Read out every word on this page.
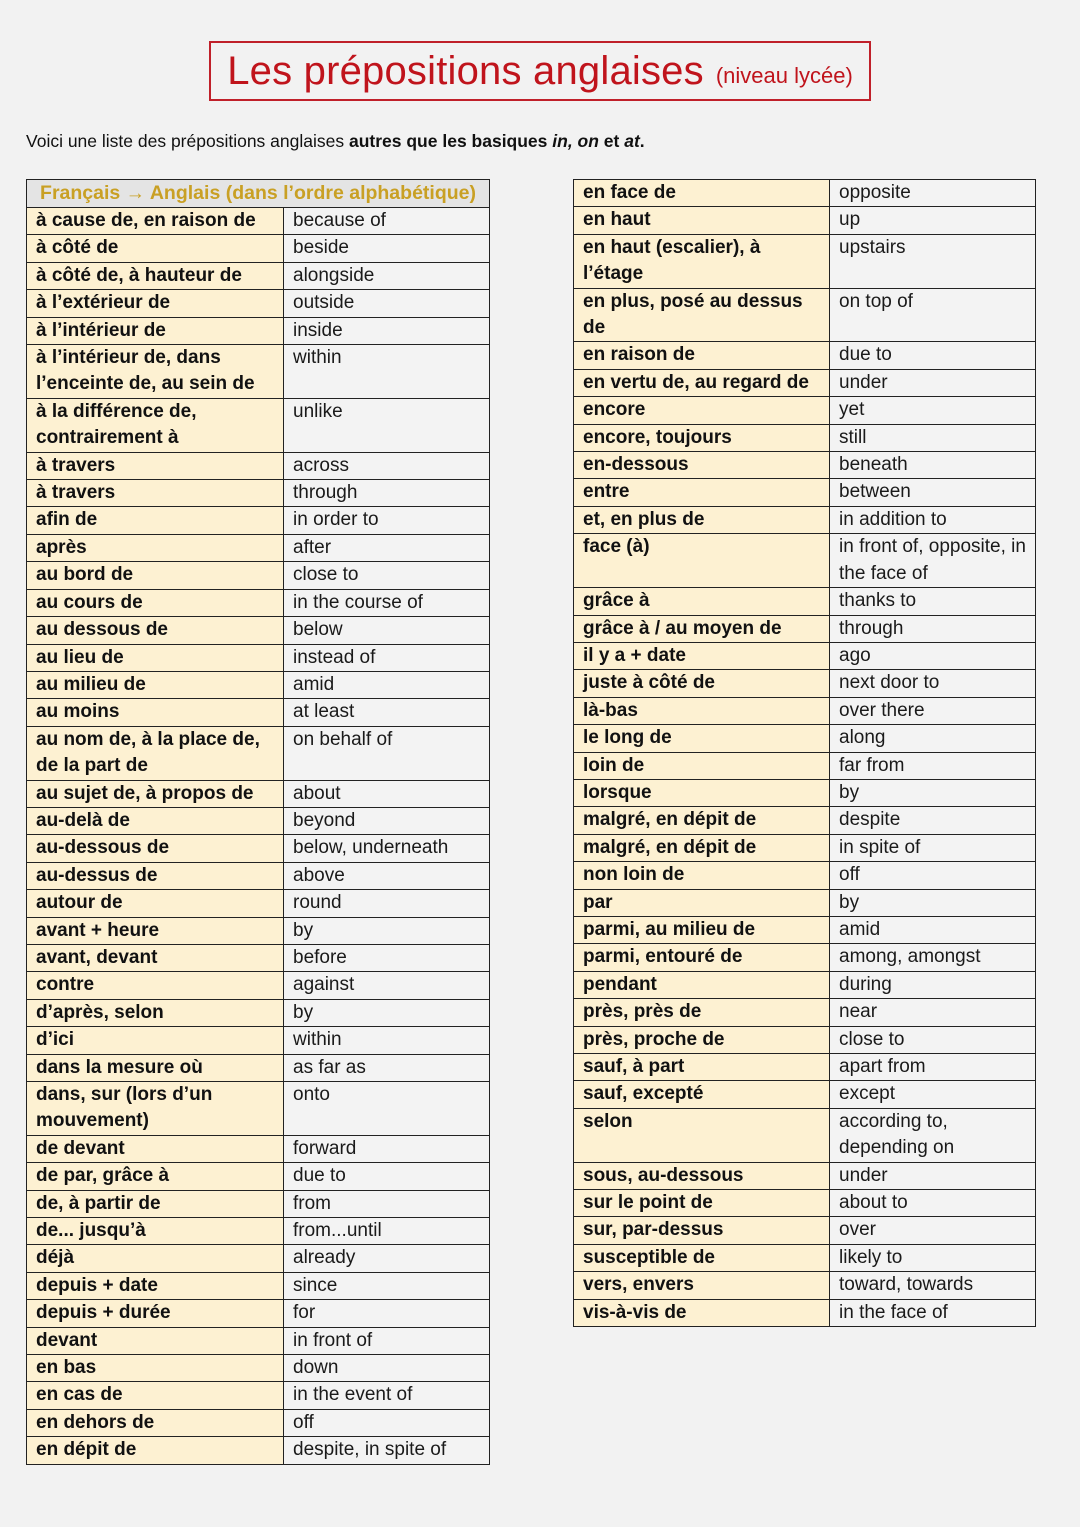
Les prépositions anglaises (niveau lycée)
Voici une liste des prépositions anglaises autres que les basiques in, on et at.
Français → Anglais (dans l’ordre alphabétique)	
à cause de, en raison de	because of
à côté de	beside
à côté de, à hauteur de	alongside
à l’extérieur de	outside
à l’intérieur de	inside
à l’intérieur de, dans l’enceinte de, au sein de	within
à la différence de, contrairement à	unlike
à travers	across
à travers	through
afin de	in order to
après	after
au bord de	close to
au cours de	in the course of
au dessous de	below
au lieu de	instead of
au milieu de	amid
au moins	at least
au nom de, à la place de, de la part de	on behalf of
au sujet de, à propos de	about
au-delà de	beyond
au-dessous de	below, underneath
au-dessus de	above
autour de	round
avant + heure	by
avant, devant	before
contre	against
d’après, selon	by
d’ici	within
dans la mesure où	as far as
dans, sur (lors d’un mouvement)	onto
de devant	forward
de par, grâce à	due to
de, à partir de	from
de... jusqu’à	from...until
déjà	already
depuis + date	since
depuis + durée	for
devant	in front of
en bas	down
en cas de	in the event of
en dehors de	off
en dépit de	despite, in spite of
en face de	opposite
en haut	up
en haut (escalier), à l’étage	upstairs
en plus, posé au dessus de	on top of
en raison de	due to
en vertu de, au regard de	under
encore	yet
encore, toujours	still
en-dessous	beneath
entre	between
et, en plus de	in addition to
face (à)	in front of, opposite, in the face of
grâce à	thanks to
grâce à / au moyen de	through
il y a + date	ago
juste à côté de	next door to
là-bas	over there
le long de	along
loin de	far from
lorsque	by
malgré, en dépit de	despite
malgré, en dépit de	in spite of
non loin de	off
par	by
parmi, au milieu de	amid
parmi, entouré de	among, amongst
pendant	during
près, près de	near
près, proche de	close to
sauf, à part	apart from
sauf, excepté	except
selon	according to, depending on
sous, au-dessous	under
sur le point de	about to
sur, par-dessus	over
susceptible de	likely to
vers, envers	toward, towards
vis-à-vis de	in the face of
